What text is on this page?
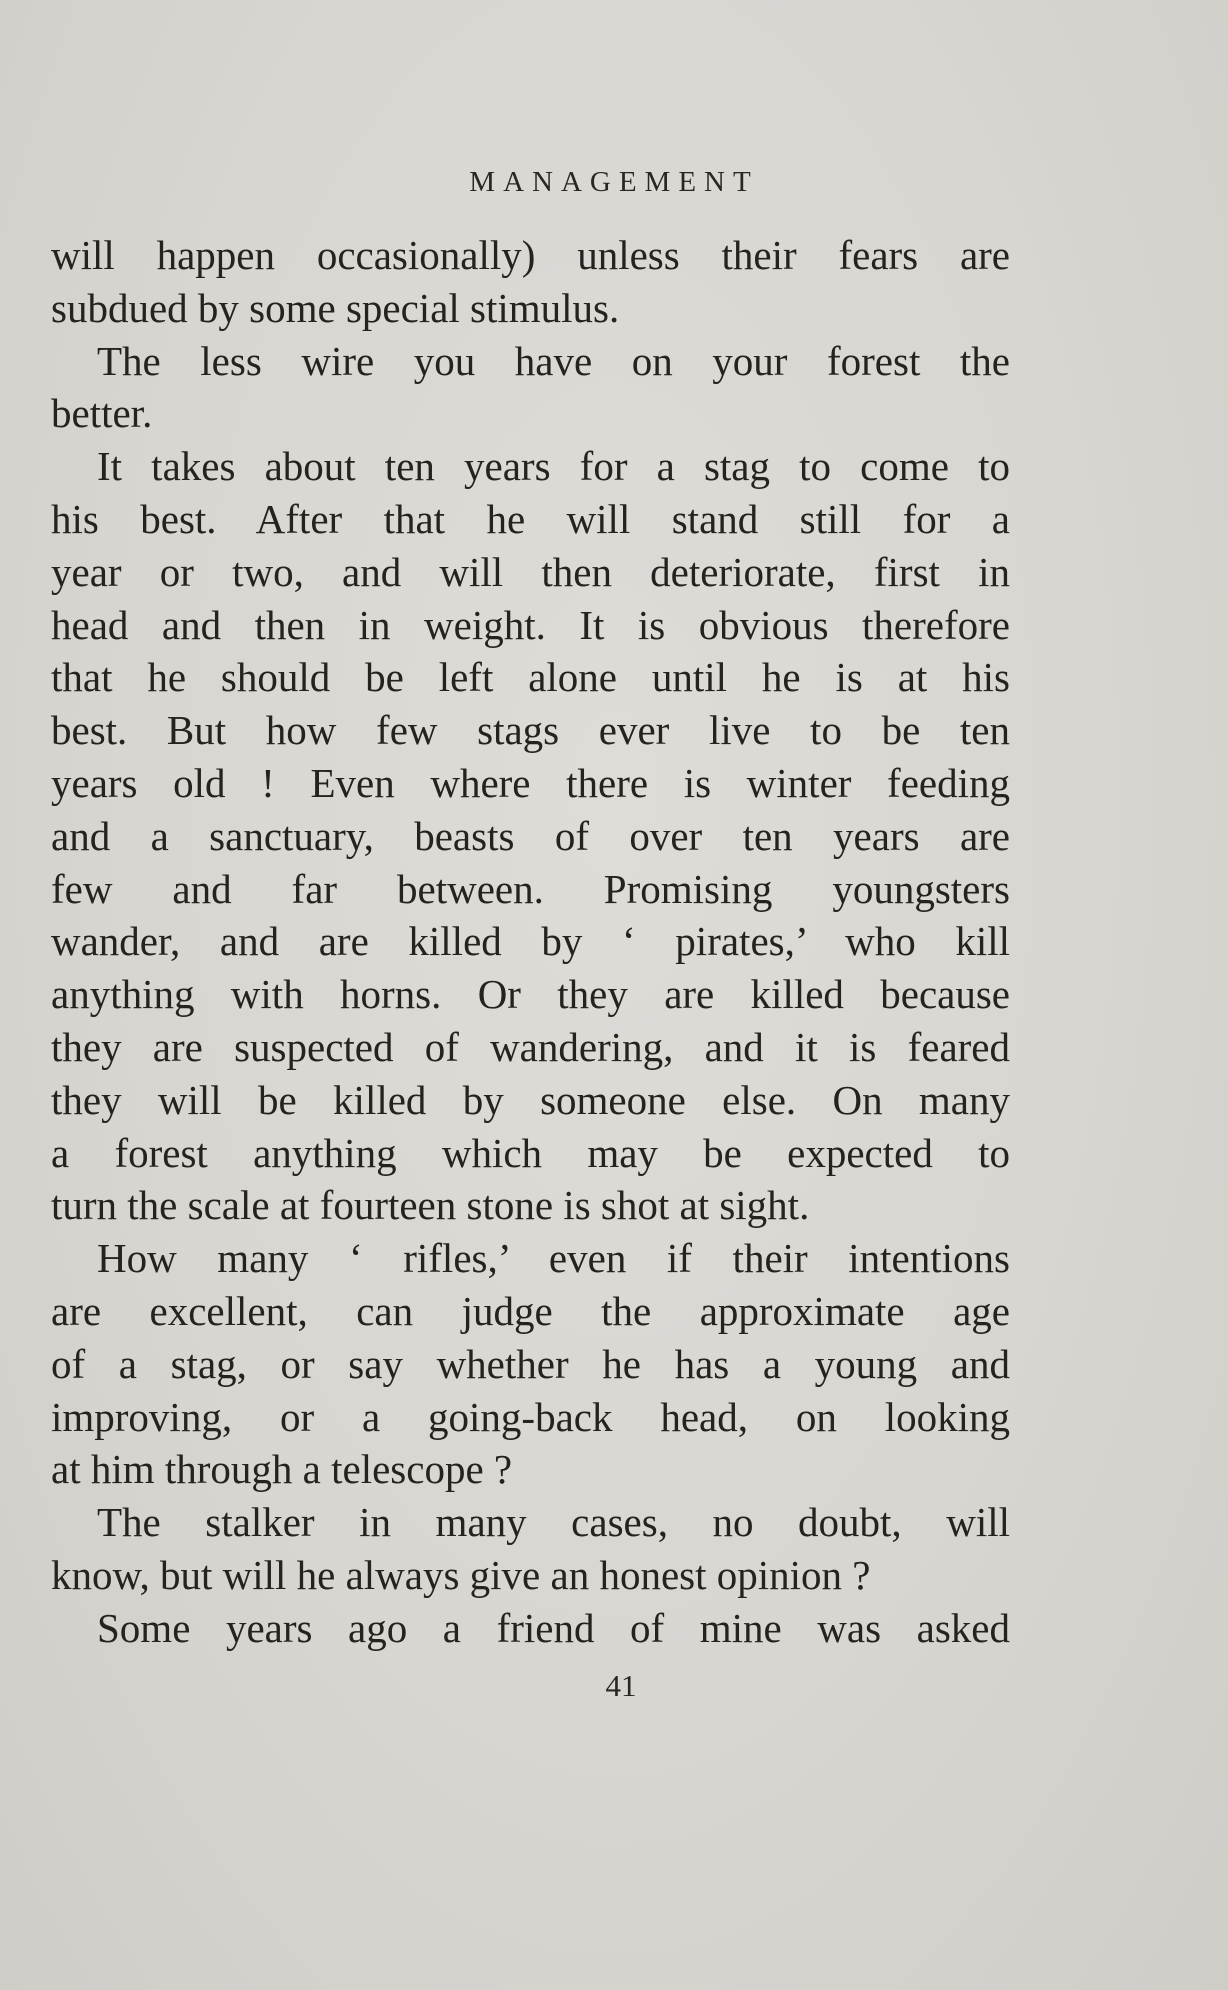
MANAGEMENT
will happen occasionally) unless their fears are
subdued by some special stimulus.
The less wire you have on your forest the
better.
It takes about ten years for a stag to come to
his best. After that he will stand still for a
year or two, and will then deteriorate, first in
head and then in weight. It is obvious therefore
that he should be left alone until he is at his
best. But how few stags ever live to be ten
years old ! Even where there is winter feeding
and a sanctuary, beasts of over ten years are
few and far between. Promising youngsters
wander, and are killed by ‘ pirates,’ who kill
anything with horns. Or they are killed because
they are suspected of wandering, and it is feared
they will be killed by someone else. On many
a forest anything which may be expected to
turn the scale at fourteen stone is shot at sight.
How many ‘ rifles,’ even if their intentions
are excellent, can judge the approximate age
of a stag, or say whether he has a young and
improving, or a going-back head, on looking
at him through a telescope ?
The stalker in many cases, no doubt, will
know, but will he always give an honest opinion ?
Some years ago a friend of mine was asked
41
